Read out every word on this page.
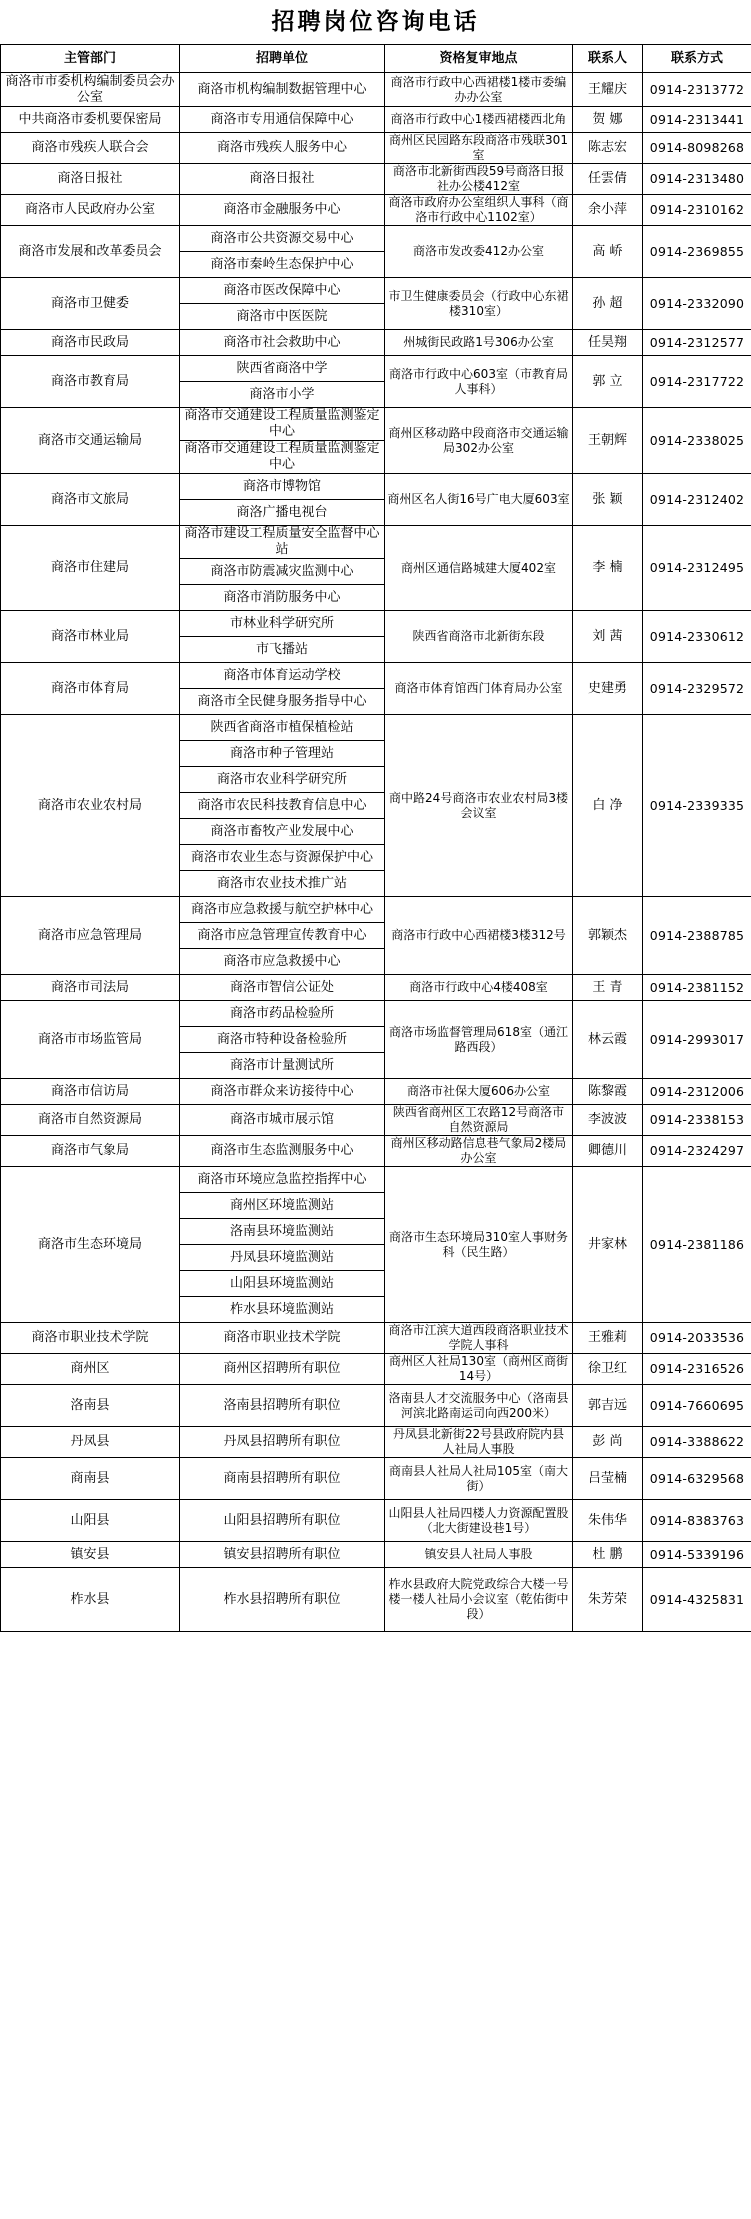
招聘岗位咨询电话
主管部门	招聘单位	资格复审地点	联系人	联系方式
商洛市市委机构编制委员会办公室	商洛市机构编制数据管理中心	商洛市行政中心西裙楼1楼市委编办办公室	王耀庆	0914-2313772
中共商洛市委机要保密局	商洛市专用通信保障中心	商洛市行政中心1楼西裙楼西北角	贺 娜	0914-2313441
商洛市残疾人联合会	商洛市残疾人服务中心	商州区民园路东段商洛市残联301室	陈志宏	0914-8098268
商洛日报社	商洛日报社	商洛市北新街西段59号商洛日报社办公楼412室	任雲倩	0914-2313480
商洛市人民政府办公室	商洛市金融服务中心	商洛市政府办公室组织人事科（商洛市行政中心1102室）	余小萍	0914-2310162
商洛市发展和改革委员会	商洛市公共资源交易中心	商洛市发改委412办公室	高 峤	0914-2369855
	商洛市秦岭生态保护中心			
商洛市卫健委	商洛市医改保障中心	市卫生健康委员会（行政中心东裙楼310室）	孙 超	0914-2332090
	商洛市中医医院			
商洛市民政局	商洛市社会救助中心	州城街民政路1号306办公室	任昊翔	0914-2312577
商洛市教育局	陕西省商洛中学	商洛市行政中心603室（市教育局人事科）	郭 立	0914-2317722
	商洛市小学			
商洛市交通运输局	商洛市交通建设工程质量监测鉴定中心	商州区移动路中段商洛市交通运输局302办公室	王朝辉	0914-2338025
	商洛市交通建设工程质量监测鉴定中心			
商洛市文旅局	商洛市博物馆	商州区名人街16号广电大厦603室	张 颖	0914-2312402
	商洛广播电视台			
商洛市住建局	商洛市建设工程质量安全监督中心站	商州区通信路城建大厦402室	李 楠	0914-2312495
	商洛市防震减灾监测中心			
	商洛市消防服务中心			
商洛市林业局	市林业科学研究所	陕西省商洛市北新街东段	刘 茜	0914-2330612
	市飞播站			
商洛市体育局	商洛市体育运动学校	商洛市体育馆西门体育局办公室	史建勇	0914-2329572
	商洛市全民健身服务指导中心			
商洛市农业农村局	陕西省商洛市植保植检站	商中路24号商洛市农业农村局3楼会议室	白 净	0914-2339335
	商洛市种子管理站			
	商洛市农业科学研究所			
	商洛市农民科技教育信息中心			
	商洛市畜牧产业发展中心			
	商洛市农业生态与资源保护中心			
	商洛市农业技术推广站			
商洛市应急管理局	商洛市应急救援与航空护林中心	商洛市行政中心西裙楼3楼312号	郭颖杰	0914-2388785
	商洛市应急管理宣传教育中心			
	商洛市应急救援中心			
商洛市司法局	商洛市智信公证处	商洛市行政中心4楼408室	王 青	0914-2381152
商洛市市场监管局	商洛市药品检验所	商洛市场监督管理局618室（通江路西段）	林云霞	0914-2993017
	商洛市特种设备检验所			
	商洛市计量测试所			
商洛市信访局	商洛市群众来访接待中心	商洛市社保大厦606办公室	陈黎霞	0914-2312006
商洛市自然资源局	商洛市城市展示馆	陕西省商州区工农路12号商洛市自然资源局	李波波	0914-2338153
商洛市气象局	商洛市生态监测服务中心	商州区移动路信息巷气象局2楼局办公室	卿德川	0914-2324297
商洛市生态环境局	商洛市环境应急监控指挥中心	商洛市生态环境局310室人事财务科（民生路）	井家林	0914-2381186
	商州区环境监测站			
	洛南县环境监测站			
	丹凤县环境监测站			
	山阳县环境监测站			
	柞水县环境监测站			
商洛市职业技术学院	商洛市职业技术学院	商洛市江滨大道西段商洛职业技术学院人事科	王雅莉	0914-2033536
商州区	商州区招聘所有职位	商州区人社局130室（商州区商街14号）	徐卫红	0914-2316526
洛南县	洛南县招聘所有职位	洛南县人才交流服务中心（洛南县河滨北路南运司向西200米）	郭吉远	0914-7660695
丹凤县	丹凤县招聘所有职位	丹凤县北新街22号县政府院内县人社局人事股	彭 尚	0914-3388622
商南县	商南县招聘所有职位	商南县人社局人社局105室（南大街）	吕莹楠	0914-6329568
山阳县	山阳县招聘所有职位	山阳县人社局四楼人力资源配置股（北大街建设巷1号）	朱伟华	0914-8383763
镇安县	镇安县招聘所有职位	镇安县人社局人事股	杜 鹏	0914-5339196
柞水县	柞水县招聘所有职位	柞水县政府大院党政综合大楼一号楼一楼人社局小会议室（乾佑街中段）	朱芳荣	0914-4325831
